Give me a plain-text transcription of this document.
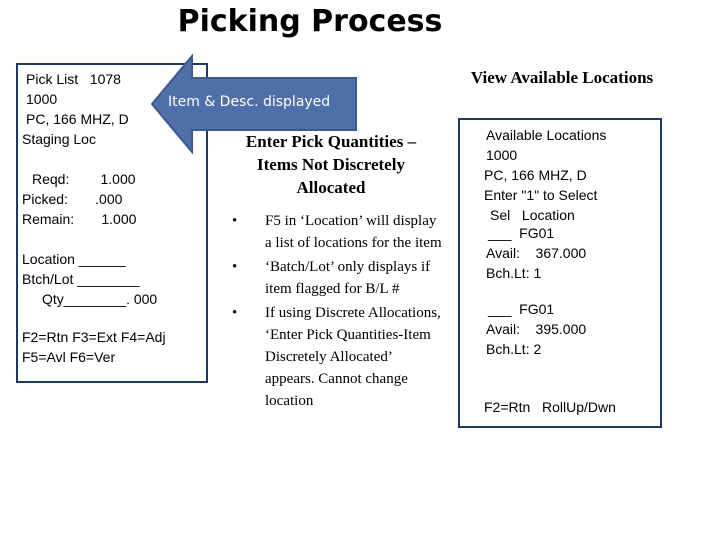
Picking Process
Pick List   1078
1000
PC, 166 MHZ, D
Staging Loc
Reqd:        1.000
Picked:       .000
Remain:       1.000
Location ______
Btch/Lot ________
Qty________. 000
F2=Rtn F3=Ext F4=Adj
F5=Avl F6=Ver
Item & Desc. displayed
Enter Pick Quantities – Items Not Discretely Allocated
• F5 in ‘Location’ will display a list of locations for the item
• ‘Batch/Lot’ only displays if item flagged for B/L #
• If using Discrete Allocations, ‘Enter Pick Quantities-Item Discretely Allocated’ appears. Cannot change location
View Available Locations
Available Locations
1000
PC, 166 MHZ, D
Enter "1" to Select
Sel   Location
___  FG01
Avail:    367.000
Bch.Lt: 1
___  FG01
Avail:    395.000
Bch.Lt: 2
F2=Rtn   RollUp/Dwn
